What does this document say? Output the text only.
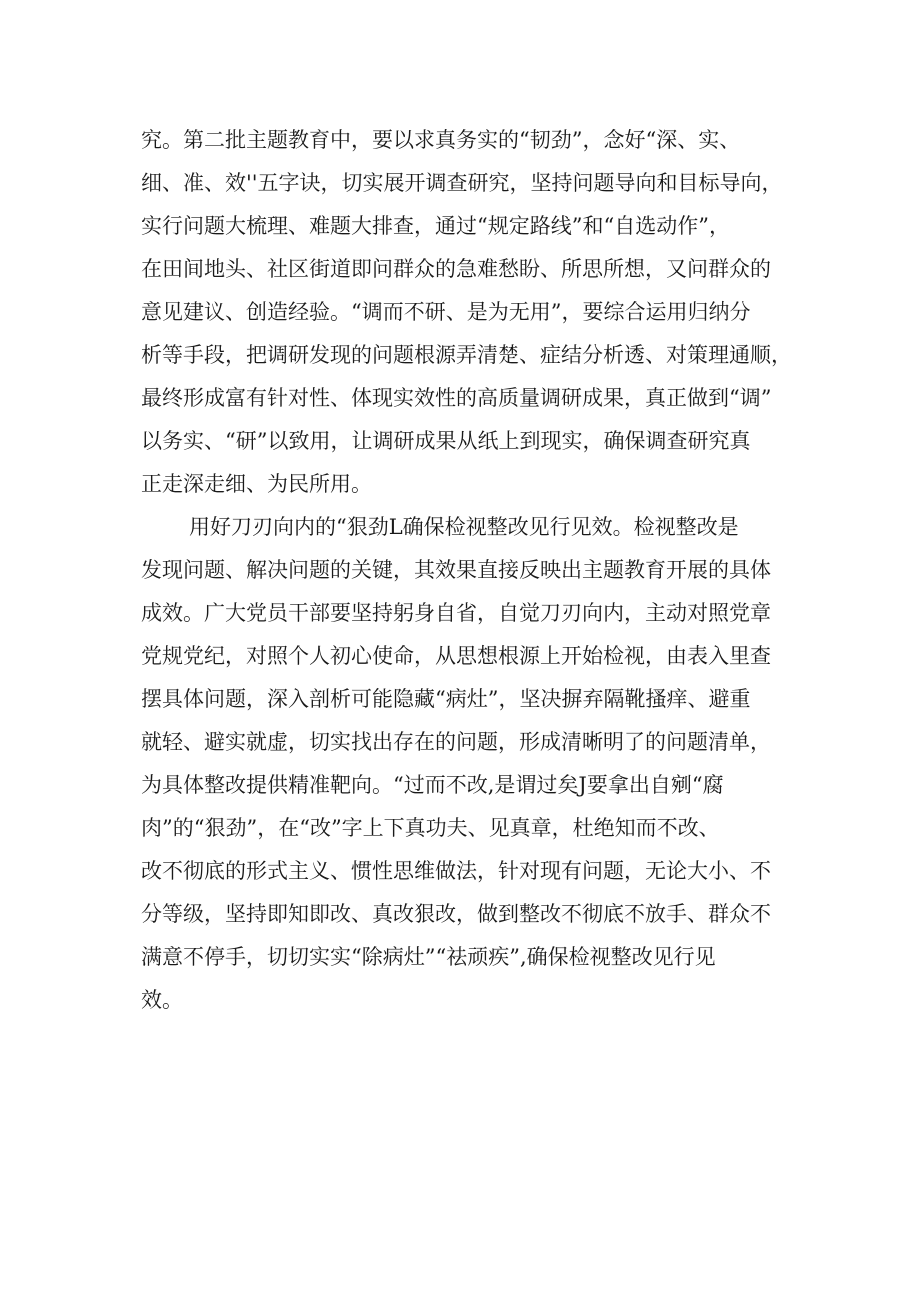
究。第二批主题教育中，要以求真务实的“韧劲”，念好“深、实、
细、准、效''五字诀，切实展开调查研究，坚持问题导向和目标导向，
实行问题大梳理、难题大排查，通过“规定路线”和“自选动作”，
在田间地头、社区街道即问群众的急难愁盼、所思所想，又问群众的
意见建议、创造经验。“调而不研、是为无用”，要综合运用归纳分
析等手段，把调研发现的问题根源弄清楚、症结分析透、对策理通顺，
最终形成富有针对性、体现实效性的高质量调研成果，真正做到“调”
以务实、“研”以致用，让调研成果从纸上到现实，确保调查研究真
正走深走细、为民所用。
用好刀刃向内的“狠劲L确保检视整改见行见效。检视整改是
发现问题、解决问题的关键，其效果直接反映出主题教育开展的具体
成效。广大党员干部要坚持躬身自省，自觉刀刃向内，主动对照党章
党规党纪，对照个人初心使命，从思想根源上开始检视，由表入里查
摆具体问题，深入剖析可能隐藏“病灶”，坚决摒弃隔靴搔痒、避重
就轻、避实就虚，切实找出存在的问题，形成清晰明了的问题清单，
为具体整改提供精准靶向。“过而不改,是谓过矣J要拿出自剜“腐
肉”的“狠劲”，在“改”字上下真功夫、见真章，杜绝知而不改、
改不彻底的形式主义、惯性思维做法，针对现有问题，无论大小、不
分等级，坚持即知即改、真改狠改，做到整改不彻底不放手、群众不
满意不停手，切切实实“除病灶”“祛顽疾”,确保检视整改见行见
效。
